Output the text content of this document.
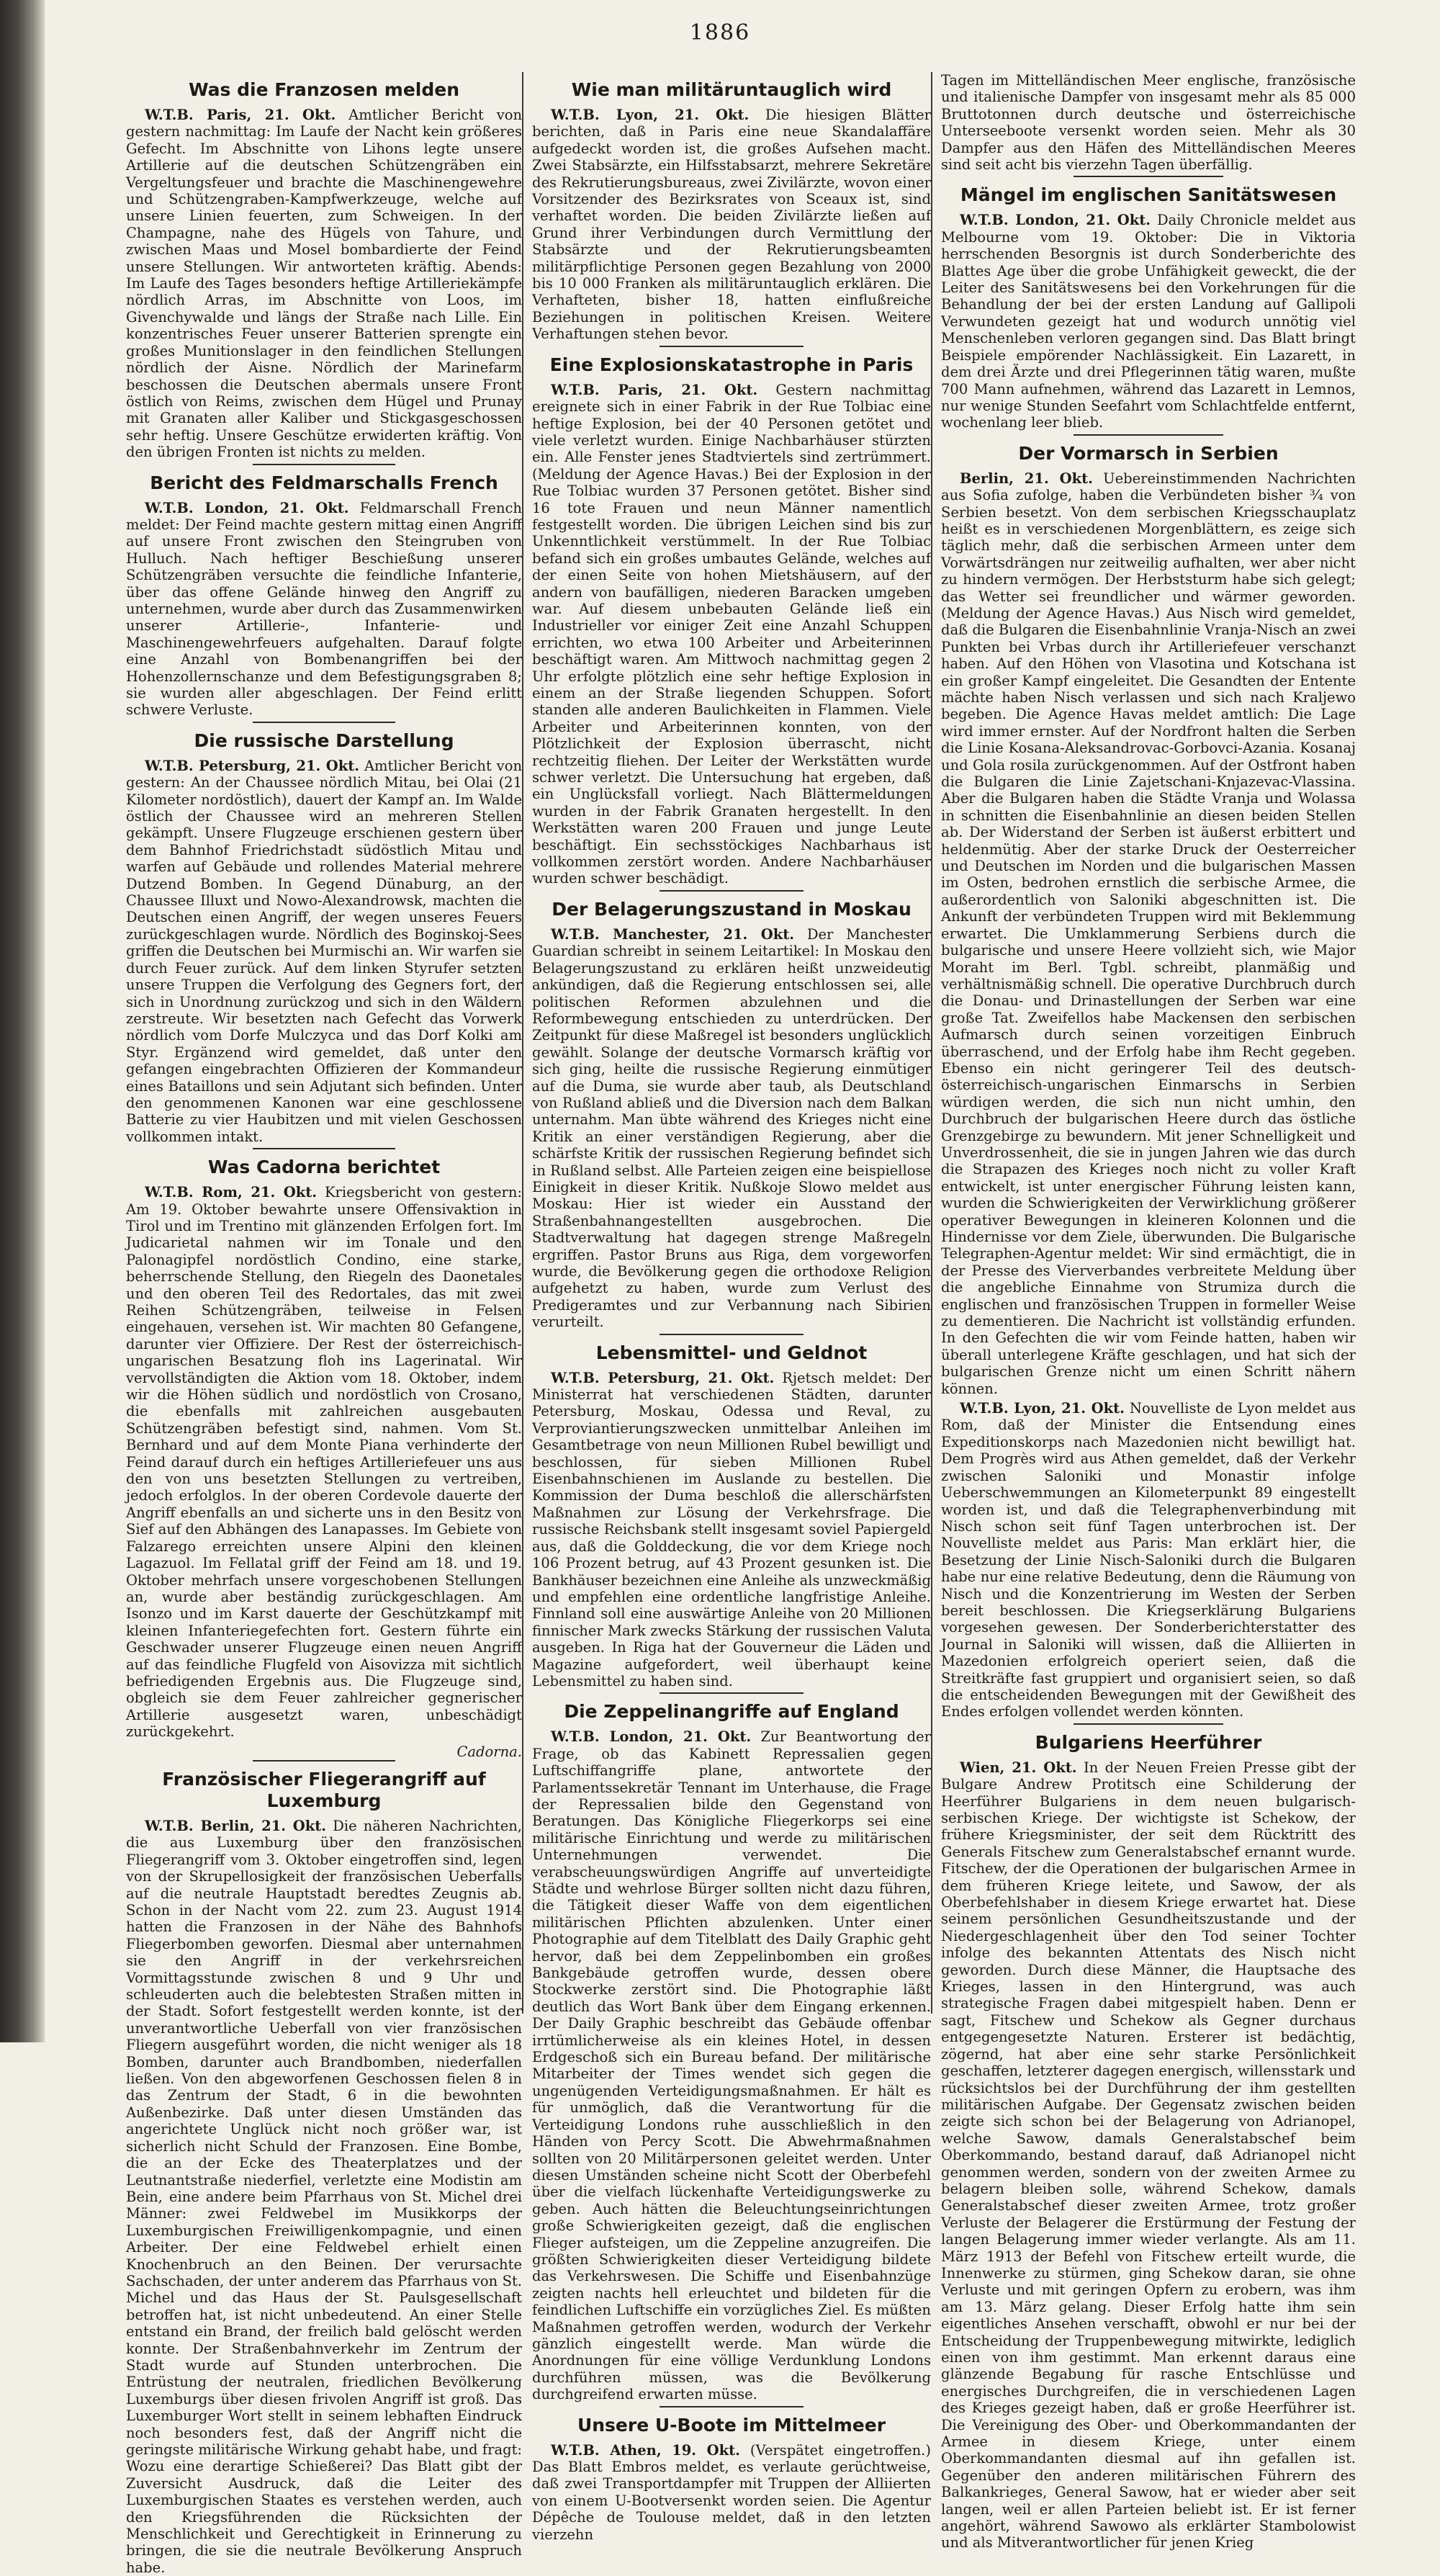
1886
Was die Franzosen melden

W.T.B. Paris, 21. Okt. Amtlicher Bericht von gestern nachmittag: Im Laufe der Nacht kein größeres Gefecht. Im Abschnitte von Lihons legte unsere Artillerie auf die deutschen Schützengräben ein Vergeltungsfeuer und brachte die Maschinengewehre und Schützengraben-Kampfwerkzeuge, welche auf unsere Linien feuerten, zum Schweigen. In der Champagne, nahe des Hügels von Tahure, und zwischen Maas und Mosel bombardierte der Feind unsere Stellungen. Wir antworteten kräftig. Abends: Im Laufe des Tages besonders heftige Artilleriekämpfe nördlich Arras, im Abschnitte von Loos, im Givenchywalde und längs der Straße nach Lille. Ein konzentrisches Feuer unserer Batterien sprengte ein großes Munitionslager in den feindlichen Stellungen nördlich der Aisne. Nördlich der Marinefarm beschossen die Deutschen abermals unsere Front östlich von Reims, zwischen dem Hügel und Prunay mit Granaten aller Kaliber und Stickgasgeschossen sehr heftig. Unsere Geschütze erwiderten kräftig. Von den übrigen Fronten ist nichts zu melden.

Bericht des Feldmarschalls French

W.T.B. London, 21. Okt. Feldmarschall French meldet: Der Feind machte gestern mittag einen Angriff auf unsere Front zwischen den Steingruben von Hulluch. Nach heftiger Beschießung unserer Schützengräben versuchte die feindliche Infanterie, über das offene Gelände hinweg den Angriff zu unternehmen, wurde aber durch das Zusammenwirken unserer Artillerie-, Infanterie- und Maschinengewehrfeuers aufgehalten. Darauf folgte eine Anzahl von Bombenangriffen bei der Hohenzollernschanze und dem Befestigungsgraben 8; sie wurden aller abgeschlagen. Der Feind erlitt schwere Verluste.

Die russische Darstellung

W.T.B. Petersburg, 21. Okt. Amtlicher Bericht von gestern: An der Chaussee nördlich Mitau, bei Olai (21 Kilometer nordöstlich), dauert der Kampf an. Im Walde östlich der Chaussee wird an mehreren Stellen gekämpft. Unsere Flugzeuge erschienen gestern über dem Bahnhof Friedrichstadt südöstlich Mitau und warfen auf Gebäude und rollendes Material mehrere Dutzend Bomben. In Gegend Dünaburg, an der Chaussee Illuxt und Nowo-Alexandrowsk, machten die Deutschen einen Angriff, der wegen unseres Feuers zurückgeschlagen wurde. Nördlich des Boginskoj-Sees griffen die Deutschen bei Murmischi an. Wir warfen sie durch Feuer zurück. Auf dem linken Styrufer setzten unsere Truppen die Verfolgung des Gegners fort, der sich in Unordnung zurückzog und sich in den Wäldern zerstreute. Wir besetzten nach Gefecht das Vorwerk nördlich vom Dorfe Mulczyca und das Dorf Kolki am Styr. Ergänzend wird gemeldet, daß unter den gefangen eingebrachten Offizieren der Kommandeur eines Bataillons und sein Adjutant sich befinden. Unter den genommenen Kanonen war eine geschlossene Batterie zu vier Haubitzen und mit vielen Geschossen vollkommen intakt.

Was Cadorna berichtet

W.T.B. Rom, 21. Okt. Kriegsbericht von gestern: Am 19. Oktober bewahrte unsere Offensivaktion in Tirol und im Trentino mit glänzenden Erfolgen fort. Im Judicarietal nahmen wir im Tonale und den Palonagipfel nordöstlich Condino, eine starke, beherrschende Stellung, den Riegeln des Daonetales und den oberen Teil des Redortales, das mit zwei Reihen Schützengräben, teilweise in Felsen eingehauen, versehen ist. Wir machten 80 Gefangene, darunter vier Offiziere. Der Rest der österreichisch-ungarischen Besatzung floh ins Lagerinatal. Wir vervollständigten die Aktion vom 18. Oktober, indem wir die Höhen südlich und nordöstlich von Crosano, die ebenfalls mit zahlreichen ausgebauten Schützengräben befestigt sind, nahmen. Vom St. Bernhard und auf dem Monte Piana verhinderte der Feind darauf durch ein heftiges Artilleriefeuer uns aus den von uns besetzten Stellungen zu vertreiben, jedoch erfolglos. In der oberen Cordevole dauerte der Angriff ebenfalls an und sicherte uns in den Besitz von Sief auf den Abhängen des Lanapasses. Im Gebiete von Falzarego erreichten unsere Alpini den kleinen Lagazuol. Im Fellatal griff der Feind am 18. und 19. Oktober mehrfach unsere vorgeschobenen Stellungen an, wurde aber beständig zurückgeschlagen. Am Isonzo und im Karst dauerte der Geschützkampf mit kleinen Infanteriegefechten fort. Gestern führte ein Geschwader unserer Flugzeuge einen neuen Angriff auf das feindliche Flugfeld von Aisovizza mit sichtlich befriedigenden Ergebnis aus. Die Flugzeuge sind, obgleich sie dem Feuer zahlreicher gegnerischer Artillerie ausgesetzt waren, unbeschädigt zurückgekehrt.

Cadorna.
Französischer Fliegerangriff auf Luxemburg

W.T.B. Berlin, 21. Okt. Die näheren Nachrichten, die aus Luxemburg über den französischen Fliegerangriff vom 3. Oktober eingetroffen sind, legen von der Skrupellosigkeit der französischen Ueberfalls auf die neutrale Hauptstadt beredtes Zeugnis ab. Schon in der Nacht vom 22. zum 23. August 1914 hatten die Franzosen in der Nähe des Bahnhofs Fliegerbomben geworfen. Diesmal aber unternahmen sie den Angriff in der verkehrsreichen Vormittagsstunde zwischen 8 und 9 Uhr und schleuderten auch die belebtesten Straßen mitten in der Stadt. Sofort festgestellt werden konnte, ist der unverantwortliche Ueberfall von vier französischen Fliegern ausgeführt worden, die nicht weniger als 18 Bomben, darunter auch Brandbomben, niederfallen ließen. Von den abgeworfenen Geschossen fielen 8 in das Zentrum der Stadt, 6 in die bewohnten Außenbezirke. Daß unter diesen Umständen das angerichtete Unglück nicht noch größer war, ist sicherlich nicht Schuld der Franzosen. Eine Bombe, die an der Ecke des Theaterplatzes und der Leutnantstraße niederfiel, verletzte eine Modistin am Bein, eine andere beim Pfarrhaus von St. Michel drei Männer: zwei Feldwebel im Musikkorps der Luxemburgischen Freiwilligenkompagnie, und einen Arbeiter. Der eine Feldwebel erhielt einen Knochenbruch an den Beinen. Der verursachte Sachschaden, der unter anderem das Pfarrhaus von St. Michel und das Haus der St. Paulsgesellschaft betroffen hat, ist nicht unbedeutend. An einer Stelle entstand ein Brand, der freilich bald gelöscht werden konnte. Der Straßenbahnverkehr im Zentrum der Stadt wurde auf Stunden unterbrochen. Die Entrüstung der neutralen, friedlichen Bevölkerung Luxemburgs über diesen frivolen Angriff ist groß. Das Luxemburger Wort stellt in seinem lebhaften Eindruck noch besonders fest, daß der Angriff nicht die geringste militärische Wirkung gehabt habe, und fragt: Wozu eine derartige Schießerei? Das Blatt gibt der Zuversicht Ausdruck, daß die Leiter des Luxemburgischen Staates es verstehen werden, auch den Kriegsführenden die Rücksichten der Menschlichkeit und Gerechtigkeit in Erinnerung zu bringen, die sie die neutrale Bevölkerung Anspruch habe.

Wie man militäruntauglich wird

W.T.B. Lyon, 21. Okt. Die hiesigen Blätter berichten, daß in Paris eine neue Skandalaffäre aufgedeckt worden ist, die großes Aufsehen macht. Zwei Stabsärzte, ein Hilfsstabsarzt, mehrere Sekretäre des Rekrutierungsbureaus, zwei Zivilärzte, wovon einer Vorsitzender des Bezirksrates von Sceaux ist, sind verhaftet worden. Die beiden Zivilärzte ließen auf Grund ihrer Verbindungen durch Vermittlung der Stabsärzte und der Rekrutierungsbeamten militärpflichtige Personen gegen Bezahlung von 2000 bis 10 000 Franken als militäruntauglich erklären. Die Verhafteten, bisher 18, hatten einflußreiche Beziehungen in politischen Kreisen. Weitere Verhaftungen stehen bevor.

Eine Explosionskatastrophe in Paris

W.T.B. Paris, 21. Okt. Gestern nachmittag ereignete sich in einer Fabrik in der Rue Tolbiac eine heftige Explosion, bei der 40 Personen getötet und viele verletzt wurden. Einige Nachbarhäuser stürzten ein. Alle Fenster jenes Stadtviertels sind zertrümmert. (Meldung der Agence Havas.) Bei der Explosion in der Rue Tolbiac wurden 37 Personen getötet. Bisher sind 16 tote Frauen und neun Männer namentlich festgestellt worden. Die übrigen Leichen sind bis zur Unkenntlichkeit verstümmelt. In der Rue Tolbiac befand sich ein großes umbautes Gelände, welches auf der einen Seite von hohen Mietshäusern, auf der andern von baufälligen, niederen Baracken umgeben war. Auf diesem unbebauten Gelände ließ ein Industrieller vor einiger Zeit eine Anzahl Schuppen errichten, wo etwa 100 Arbeiter und Arbeiterinnen beschäftigt waren. Am Mittwoch nachmittag gegen 2 Uhr erfolgte plötzlich eine sehr heftige Explosion in einem an der Straße liegenden Schuppen. Sofort standen alle anderen Baulichkeiten in Flammen. Viele Arbeiter und Arbeiterinnen konnten, von der Plötzlichkeit der Explosion überrascht, nicht rechtzeitig fliehen. Der Leiter der Werkstätten wurde schwer verletzt. Die Untersuchung hat ergeben, daß ein Unglücksfall vorliegt. Nach Blättermeldungen wurden in der Fabrik Granaten hergestellt. In den Werkstätten waren 200 Frauen und junge Leute beschäftigt. Ein sechsstöckiges Nachbarhaus ist vollkommen zerstört worden. Andere Nachbarhäuser wurden schwer beschädigt.

Der Belagerungszustand in Moskau

W.T.B. Manchester, 21. Okt. Der Manchester Guardian schreibt in seinem Leitartikel: In Moskau den Belagerungszustand zu erklären heißt unzweideutig ankündigen, daß die Regierung entschlossen sei, alle politischen Reformen abzulehnen und die Reformbewegung entschieden zu unterdrücken. Der Zeitpunkt für diese Maßregel ist besonders unglücklich gewählt. Solange der deutsche Vormarsch kräftig vor sich ging, heilte die russische Regierung einmütiger auf die Duma, sie wurde aber taub, als Deutschland von Rußland abließ und die Diversion nach dem Balkan unternahm. Man übte während des Krieges nicht eine Kritik an einer verständigen Regierung, aber die schärfste Kritik der russischen Regierung befindet sich in Rußland selbst. Alle Parteien zeigen eine beispiellose Einigkeit in dieser Kritik. Nußkoje Slowo meldet aus Moskau: Hier ist wieder ein Ausstand der Straßenbahnangestellten ausgebrochen. Die Stadtverwaltung hat dagegen strenge Maßregeln ergriffen. Pastor Bruns aus Riga, dem vorgeworfen wurde, die Bevölkerung gegen die orthodoxe Religion aufgehetzt zu haben, wurde zum Verlust des Predigeramtes und zur Verbannung nach Sibirien verurteilt.

Lebensmittel- und Geldnot

W.T.B. Petersburg, 21. Okt. Rjetsch meldet: Der Ministerrat hat verschiedenen Städten, darunter Petersburg, Moskau, Odessa und Reval, zu Verproviantierungszwecken unmittelbar Anleihen im Gesamtbetrage von neun Millionen Rubel bewilligt und beschlossen, für sieben Millionen Rubel Eisenbahnschienen im Auslande zu bestellen. Die Kommission der Duma beschloß die allerschärfsten Maßnahmen zur Lösung der Verkehrsfrage. Die russische Reichsbank stellt insgesamt soviel Papiergeld aus, daß die Golddeckung, die vor dem Kriege noch 106 Prozent betrug, auf 43 Prozent gesunken ist. Die Bankhäuser bezeichnen eine Anleihe als unzweckmäßig und empfehlen eine ordentliche langfristige Anleihe. Finnland soll eine auswärtige Anleihe von 20 Millionen finnischer Mark zwecks Stärkung der russischen Valuta ausgeben. In Riga hat der Gouverneur die Läden und Magazine aufgefordert, weil überhaupt keine Lebensmittel zu haben sind.

Die Zeppelinangriffe auf England

W.T.B. London, 21. Okt. Zur Beantwortung der Frage, ob das Kabinett Repressalien gegen Luftschiffangriffe plane, antwortete der Parlamentssekretär Tennant im Unterhause, die Frage der Repressalien bilde den Gegenstand von Beratungen. Das Königliche Fliegerkorps sei eine militärische Einrichtung und werde zu militärischen Unternehmungen verwendet. Die verabscheuungswürdigen Angriffe auf unverteidigte Städte und wehrlose Bürger sollten nicht dazu führen, die Tätigkeit dieser Waffe von dem eigentlichen militärischen Pflichten abzulenken. Unter einer Photographie auf dem Titelblatt des Daily Graphic geht hervor, daß bei dem Zeppelinbomben ein großes Bankgebäude getroffen wurde, dessen obere Stockwerke zerstört sind. Die Photographie läßt deutlich das Wort Bank über dem Eingang erkennen. Der Daily Graphic beschreibt das Gebäude offenbar irrtümlicherweise als ein kleines Hotel, in dessen Erdgeschoß sich ein Bureau befand. Der militärische Mitarbeiter der Times wendet sich gegen die ungenügenden Verteidigungsmaßnahmen. Er hält es für unmöglich, daß die Verantwortung für die Verteidigung Londons ruhe ausschließlich in den Händen von Percy Scott. Die Abwehrmaßnahmen sollten von 20 Militärpersonen geleitet werden. Unter diesen Umständen scheine nicht Scott der Oberbefehl über die vielfach lückenhafte Verteidigungswerke zu geben. Auch hätten die Beleuchtungseinrichtungen große Schwierigkeiten gezeigt, daß die englischen Flieger aufsteigen, um die Zeppeline anzugreifen. Die größten Schwierigkeiten dieser Verteidigung bildete das Verkehrswesen. Die Schiffe und Eisenbahnzüge zeigten nachts hell erleuchtet und bildeten für die feindlichen Luftschiffe ein vorzügliches Ziel. Es müßten Maßnahmen getroffen werden, wodurch der Verkehr gänzlich eingestellt werde. Man würde die Anordnungen für eine völlige Verdunklung Londons durchführen müssen, was die Bevölkerung durchgreifend erwarten müsse.

Unsere U-Boote im Mittelmeer

W.T.B. Athen, 19. Okt. (Verspätet eingetroffen.) Das Blatt Embros meldet, es verlaute gerüchtweise, daß zwei Transportdampfer mit Truppen der Alliierten von einem U-Bootversenkt worden seien. Die Agentur Dépêche de Toulouse meldet, daß in den letzten vierzehn

Tagen im Mittelländischen Meer englische, französische und italienische Dampfer von insgesamt mehr als 85 000 Bruttotonnen durch deutsche und österreichische Unterseeboote versenkt worden seien. Mehr als 30 Dampfer aus den Häfen des Mittelländischen Meeres sind seit acht bis vierzehn Tagen überfällig.

Mängel im englischen Sanitätswesen

W.T.B. London, 21. Okt. Daily Chronicle meldet aus Melbourne vom 19. Oktober: Die in Viktoria herrschenden Besorgnis ist durch Sonderberichte des Blattes Age über die grobe Unfähigkeit geweckt, die der Leiter des Sanitätswesens bei den Vorkehrungen für die Behandlung der bei der ersten Landung auf Gallipoli Verwundeten gezeigt hat und wodurch unnötig viel Menschenleben verloren gegangen sind. Das Blatt bringt Beispiele empörender Nachlässigkeit. Ein Lazarett, in dem drei Ärzte und drei Pflegerinnen tätig waren, mußte 700 Mann aufnehmen, während das Lazarett in Lemnos, nur wenige Stunden Seefahrt vom Schlachtfelde entfernt, wochenlang leer blieb.

Der Vormarsch in Serbien

Berlin, 21. Okt. Uebereinstimmenden Nachrichten aus Sofia zufolge, haben die Verbündeten bisher ¾ von Serbien besetzt. Von dem serbischen Kriegsschauplatz heißt es in verschiedenen Morgenblättern, es zeige sich täglich mehr, daß die serbischen Armeen unter dem Vorwärtsdrängen nur zeitweilig aufhalten, wer aber nicht zu hindern vermögen. Der Herbststurm habe sich gelegt; das Wetter sei freundlicher und wärmer geworden. (Meldung der Agence Havas.) Aus Nisch wird gemeldet, daß die Bulgaren die Eisenbahnlinie Vranja-Nisch an zwei Punkten bei Vrbas durch ihr Artilleriefeuer verschanzt haben. Auf den Höhen von Vlasotina und Kotschana ist ein großer Kampf eingeleitet. Die Gesandten der Entente mächte haben Nisch verlassen und sich nach Kraljewo begeben. Die Agence Havas meldet amtlich: Die Lage wird immer ernster. Auf der Nordfront halten die Serben die Linie Kosana-Aleksandrovac-Gorbovci-Azania. Kosanaj und Gola rosila zurückgenommen. Auf der Ostfront haben die Bulgaren die Linie Zajetschani-Knjazevac-Vlassina. Aber die Bulgaren haben die Städte Vranja und Wolassa in schnitten die Eisenbahnlinie an diesen beiden Stellen ab. Der Widerstand der Serben ist äußerst erbittert und heldenmütig. Aber der starke Druck der Oesterreicher und Deutschen im Norden und die bulgarischen Massen im Osten, bedrohen ernstlich die serbische Armee, die außerordentlich von Saloniki abgeschnitten ist. Die Ankunft der verbündeten Truppen wird mit Beklemmung erwartet. Die Umklammerung Serbiens durch die bulgarische und unsere Heere vollzieht sich, wie Major Moraht im Berl. Tgbl. schreibt, planmäßig und verhältnismäßig schnell. Die operative Durchbruch durch die Donau- und Drinastellungen der Serben war eine große Tat. Zweifellos habe Mackensen den serbischen Aufmarsch durch seinen vorzeitigen Einbruch überraschend, und der Erfolg habe ihm Recht gegeben. Ebenso ein nicht geringerer Teil des deutsch-österreichisch-ungarischen Einmarschs in Serbien würdigen werden, die sich nun nicht umhin, den Durchbruch der bulgarischen Heere durch das östliche Grenzgebirge zu bewundern. Mit jener Schnelligkeit und Unverdrossenheit, die sie in jungen Jahren wie das durch die Strapazen des Krieges noch nicht zu voller Kraft entwickelt, ist unter energischer Führung leisten kann, wurden die Schwierigkeiten der Verwirklichung größerer operativer Bewegungen in kleineren Kolonnen und die Hindernisse vor dem Ziele, überwunden. Die Bulgarische Telegraphen-Agentur meldet: Wir sind ermächtigt, die in der Presse des Vierverbandes verbreitete Meldung über die angebliche Einnahme von Strumiza durch die englischen und französischen Truppen in formeller Weise zu dementieren. Die Nachricht ist vollständig erfunden. In den Gefechten die wir vom Feinde hatten, haben wir überall unterlegene Kräfte geschlagen, und hat sich der bulgarischen Grenze nicht um einen Schritt nähern können.

W.T.B. Lyon, 21. Okt. Nouvelliste de Lyon meldet aus Rom, daß der Minister die Entsendung eines Expeditionskorps nach Mazedonien nicht bewilligt hat. Dem Progrès wird aus Athen gemeldet, daß der Verkehr zwischen Saloniki und Monastir infolge Ueberschwemmungen an Kilometerpunkt 89 eingestellt worden ist, und daß die Telegraphenverbindung mit Nisch schon seit fünf Tagen unterbrochen ist. Der Nouvelliste meldet aus Paris: Man erklärt hier, die Besetzung der Linie Nisch-Saloniki durch die Bulgaren habe nur eine relative Bedeutung, denn die Räumung von Nisch und die Konzentrierung im Westen der Serben bereit beschlossen. Die Kriegserklärung Bulgariens vorgesehen gewesen. Der Sonderberichterstatter des Journal in Saloniki will wissen, daß die Alliierten in Mazedonien erfolgreich operiert seien, daß die Streitkräfte fast gruppiert und organisiert seien, so daß die entscheidenden Bewegungen mit der Gewißheit des Endes erfolgen vollendet werden könnten.

Bulgariens Heerführer

Wien, 21. Okt. In der Neuen Freien Presse gibt der Bulgare Andrew Protitsch eine Schilderung der Heerführer Bulgariens in dem neuen bulgarisch-serbischen Kriege. Der wichtigste ist Schekow, der frühere Kriegsminister, der seit dem Rücktritt des Generals Fitschew zum Generalstabschef ernannt wurde. Fitschew, der die Operationen der bulgarischen Armee in dem früheren Kriege leitete, und Sawow, der als Oberbefehlshaber in diesem Kriege erwartet hat. Diese seinem persönlichen Gesundheitszustande und der Niedergeschlagenheit über den Tod seiner Tochter infolge des bekannten Attentats des Nisch nicht geworden. Durch diese Männer, die Hauptsache des Krieges, lassen in den Hintergrund, was auch strategische Fragen dabei mitgespielt haben. Denn er sagt, Fitschew und Schekow als Gegner durchaus entgegengesetzte Naturen. Ersterer ist bedächtig, zögernd, hat aber eine sehr starke Persönlichkeit geschaffen, letzterer dagegen energisch, willensstark und rücksichtslos bei der Durchführung der ihm gestellten militärischen Aufgabe. Der Gegensatz zwischen beiden zeigte sich schon bei der Belagerung von Adrianopel, welche Sawow, damals Generalstabschef beim Oberkommando, bestand darauf, daß Adrianopel nicht genommen werden, sondern von der zweiten Armee zu belagern bleiben solle, während Schekow, damals Generalstabschef dieser zweiten Armee, trotz großer Verluste der Belagerer die Erstürmung der Festung der langen Belagerung immer wieder verlangte. Als am 11. März 1913 der Befehl von Fitschew erteilt wurde, die Innenwerke zu stürmen, ging Schekow daran, sie ohne Verluste und mit geringen Opfern zu erobern, was ihm am 13. März gelang. Dieser Erfolg hatte ihm sein eigentliches Ansehen verschafft, obwohl er nur bei der Entscheidung der Truppenbewegung mitwirkte, lediglich einen von ihm gestimmt. Man erkennt daraus eine glänzende Begabung für rasche Entschlüsse und energisches Durchgreifen, die in verschiedenen Lagen des Krieges gezeigt haben, daß er große Heerführer ist. Die Vereinigung des Ober- und Oberkommandanten der Armee in diesem Kriege, unter einem Oberkommandanten diesmal auf ihn gefallen ist. Gegenüber den anderen militärischen Führern des Balkankrieges, General Sawow, hat er wieder aber seit langen, weil er allen Parteien beliebt ist. Er ist ferner angehört, während Sawowo als erklärter Stambolowist und als Mitverantwortlicher für jenen Krieg
